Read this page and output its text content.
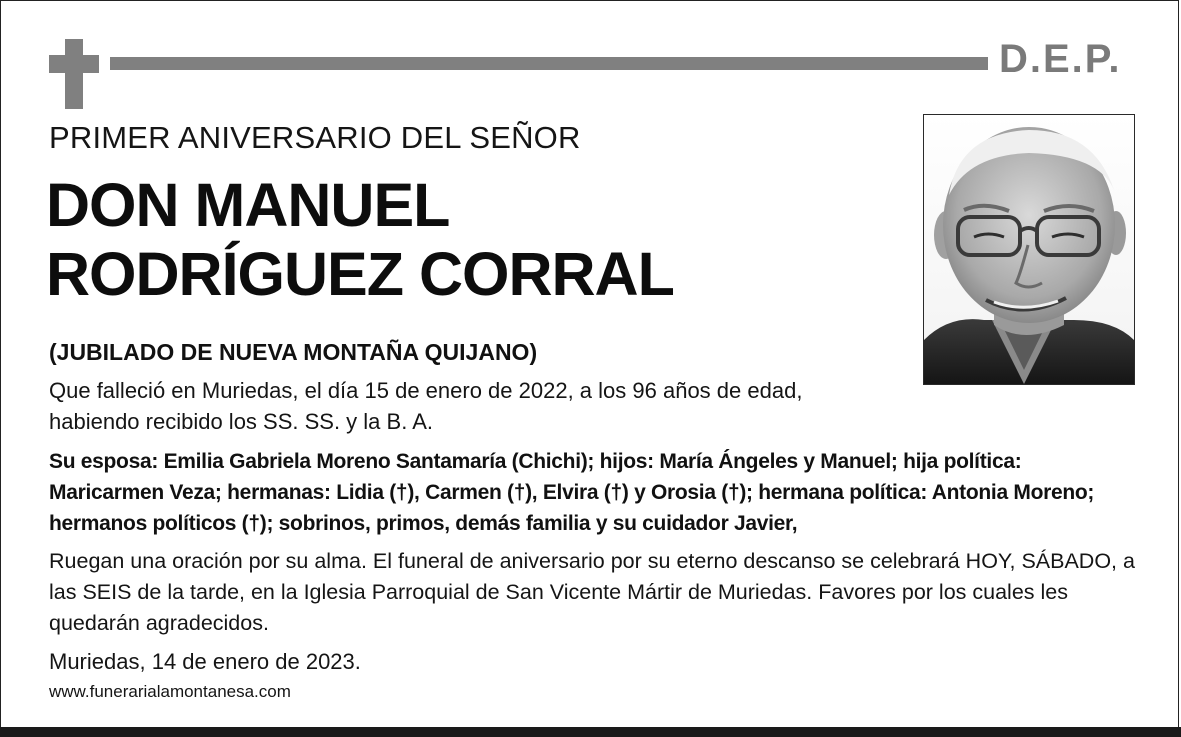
D.E.P.
PRIMER ANIVERSARIO DEL SEÑOR
DON MANUEL
RODRÍGUEZ CORRAL
(JUBILADO DE NUEVA MONTAÑA QUIJANO)
Que falleció en Muriedas, el día 15 de enero de 2022, a los 96 años de edad, habiendo recibido los SS. SS. y la B. A.
Su esposa: Emilia Gabriela Moreno Santamaría (Chichi); hijos: María Ángeles y Manuel; hija política: Maricarmen Veza; hermanas: Lidia (†), Carmen (†), Elvira (†) y Orosia (†); hermana política: Antonia Moreno; hermanos políticos (†); sobrinos, primos, demás familia y su cuidador Javier,
Ruegan una oración por su alma. El funeral de aniversario por su eterno descanso se celebrará HOY, SÁBADO, a las SEIS de la tarde, en la Iglesia Parroquial de San Vicente Mártir de Muriedas. Favores por los cuales les quedarán agradecidos.
Muriedas, 14 de enero de 2023.
www.funerarialamontanesa.com
